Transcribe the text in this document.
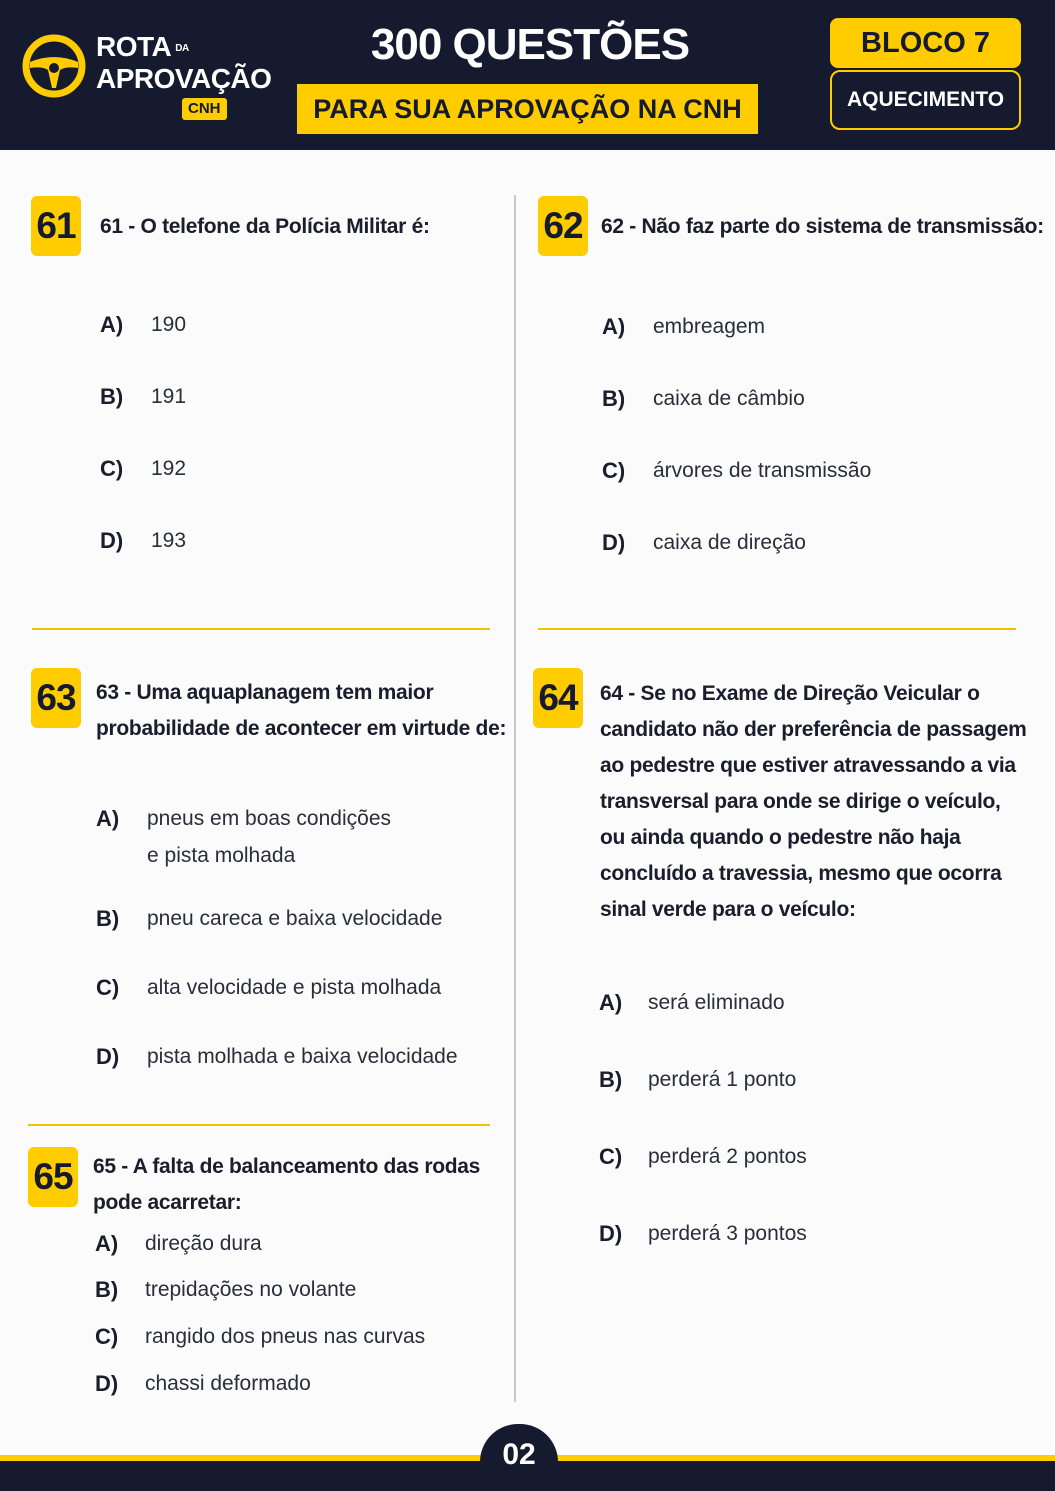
ROTA DA
APROVAÇÃO
CNH
300 QUESTÕES
PARA SUA APROVAÇÃO NA CNH
BLOCO 7
AQUECIMENTO
61 61 - O telefone da Polícia Militar é:
A) 190
B) 191
C) 192
D) 193
62 62 - Não faz parte do sistema de transmissão:
A) embreagem
B) caixa de câmbio
C) árvores de transmissão
D) caixa de direção
63 63 - Uma aquaplanagem tem maior
probabilidade de acontecer em virtude de:
A) pneus em boas condições
e pista molhada
B) pneu careca e baixa velocidade
C) alta velocidade e pista molhada
D) pista molhada e baixa velocidade
64 64 - Se no Exame de Direção Veicular o
candidato não der preferência de passagem
ao pedestre que estiver atravessando a via
transversal para onde se dirige o veículo,
ou ainda quando o pedestre não haja
concluído a travessia, mesmo que ocorra
sinal verde para o veículo:
A) será eliminado
B) perderá 1 ponto
C) perderá 2 pontos
D) perderá 3 pontos
65 65 - A falta de balanceamento das rodas
pode acarretar:
A) direção dura
B) trepidações no volante
C) rangido dos pneus nas curvas
D) chassi deformado
02
